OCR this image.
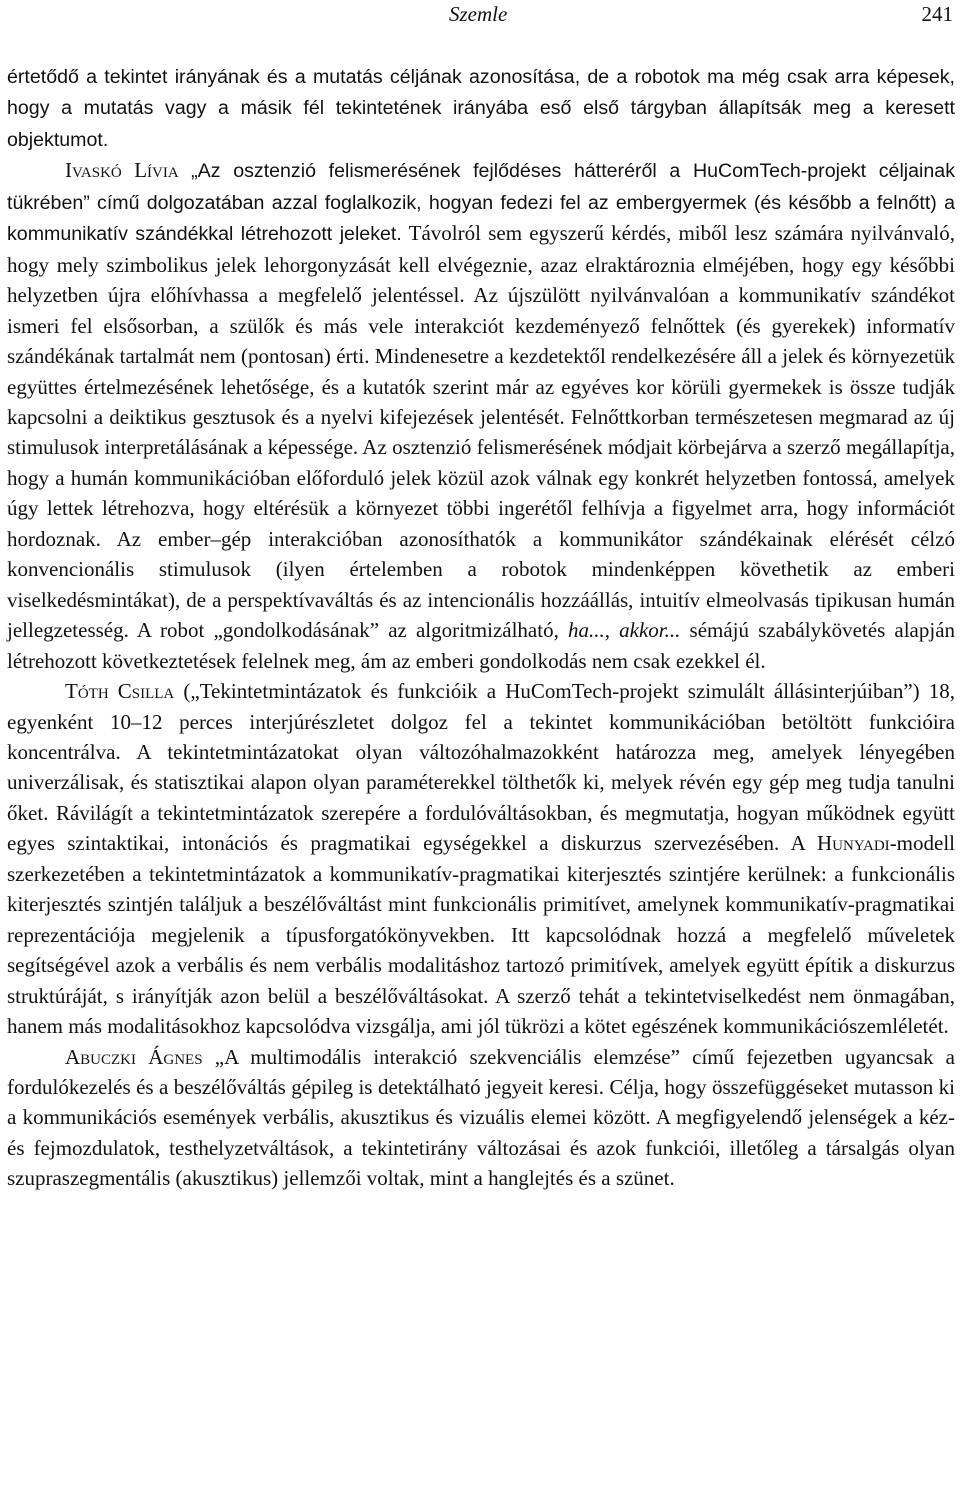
Szemle	241

értetődő a tekintet irányának és a mutatás céljának azonosítása, de a robotok ma még csak arra képesek, hogy a mutatás vagy a másik fél tekintetének irányába eső első tárgyban állapítsák meg a keresett objektumot.

Ivaskó Lívia „Az osztenzió felismerésének fejlődéses hátteréről a HuComTech-projekt céljainak tükrében” című dolgozatában azzal foglalkozik, hogyan fedezi fel az embergyermek (és később a felnőtt) a kommunikatív szándékkal létrehozott jeleket. Távolról sem egyszerű kérdés, miből lesz számára nyilvánvaló, hogy mely szimbolikus jelek lehorgonyzását kell elvégeznie, azaz elraktároznia elméjében, hogy egy későbbi helyzetben újra előhívhassa a megfelelő jelentéssel. Az újszülött nyilvánvalóan a kommunikatív szándékot ismeri fel elsősorban, a szülők és más vele interakciót kezdeményező felnőttek (és gyerekek) informatív szándékának tartalmát nem (pontosan) érti. Mindenesetre a kezdetektől rendelkezésére áll a jelek és környezetük együttes értelmezésének lehetősége, és a kutatók szerint már az egyéves kor körüli gyermekek is össze tudják kapcsolni a deiktikus gesztusok és a nyelvi kifejezések jelentését. Felnőttkorban természetesen megmarad az új stimulusok interpretálásának a képessége. Az osztenzió felismerésének módjait körbejárva a szerző megállapítja, hogy a humán kommunikációban előforduló jelek közül azok válnak egy konkrét helyzetben fontossá, amelyek úgy lettek létrehozva, hogy eltérésük a környezet többi ingerétől felhívja a figyelmet arra, hogy információt hordoznak. Az ember–gép interakcióban azonosíthatók a kommunikátor szándékainak elérését célzó konvencionális stimulusok (ilyen értelemben a robotok mindenképpen követhetik az emberi viselkedésmintákat), de a perspektívaváltás és az intencionális hozzáállás, intuitív elmeolvasás tipikusan humán jellegzetesség. A robot „gondolkodásának” az algoritmizálható, ha..., akkor... sémájú szabálykövetés alapján létrehozott következtetések felelnek meg, ám az emberi gondolkodás nem csak ezekkel él.

Tóth Csilla („Tekintetmintázatok és funkcióik a HuComTech-projekt szimulált állásinterjúiban”) 18, egyenként 10–12 perces interjúrészletet dolgoz fel a tekintet kommunikációban betöltött funkcióira koncentrálva. A tekintetmintázatokat olyan változóhalmazokként határozza meg, amelyek lényegében univerzálisak, és statisztikai alapon olyan paraméterekkel tölthetők ki, melyek révén egy gép meg tudja tanulni őket. Rávilágít a tekintetmintázatok szerepére a fordulóváltásokban, és megmutatja, hogyan működnek együtt egyes szintaktikai, intonációs és pragmatikai egységekkel a diskurzus szervezésében. A Hunyadi-modell szerkezetében a tekintetmintázatok a kommunikatív-pragmatikai kiterjesztés szintjére kerülnek: a funkcionális kiterjesztés szintjén találjuk a beszélőváltást mint funkcionális primitívet, amelynek kommunikatív-pragmatikai reprezentációja megjelenik a típusforgatókönyvekben. Itt kapcsolódnak hozzá a megfelelő műveletek segítségével azok a verbális és nem verbális modalitáshoz tartozó primitívek, amelyek együtt építik a diskurzus struktúráját, s irányítják azon belül a beszélőváltásokat. A szerző tehát a tekintetviselkedést nem önmagában, hanem más modalitásokhoz kapcsolódva vizsgálja, ami jól tükrözi a kötet egészének kommunikációszemléletét.

Abuczki Ágnes „A multimodális interakció szekvenciális elemzése” című fejezetben ugyancsak a fordulókezelés és a beszélőváltás gépileg is detektálható jegyeit keresi. Célja, hogy összefüggéseket mutasson ki a kommunikációs események verbális, akusztikus és vizuális elemei között. A megfigyelendő jelenségek a kéz- és fejmozdulatok, testhelyzetváltások, a tekintetirány változásai és azok funkciói, illetőleg a társalgás olyan szupraszegmentális (akusztikus) jellemzői voltak, mint a hanglejtés és a szünet.
